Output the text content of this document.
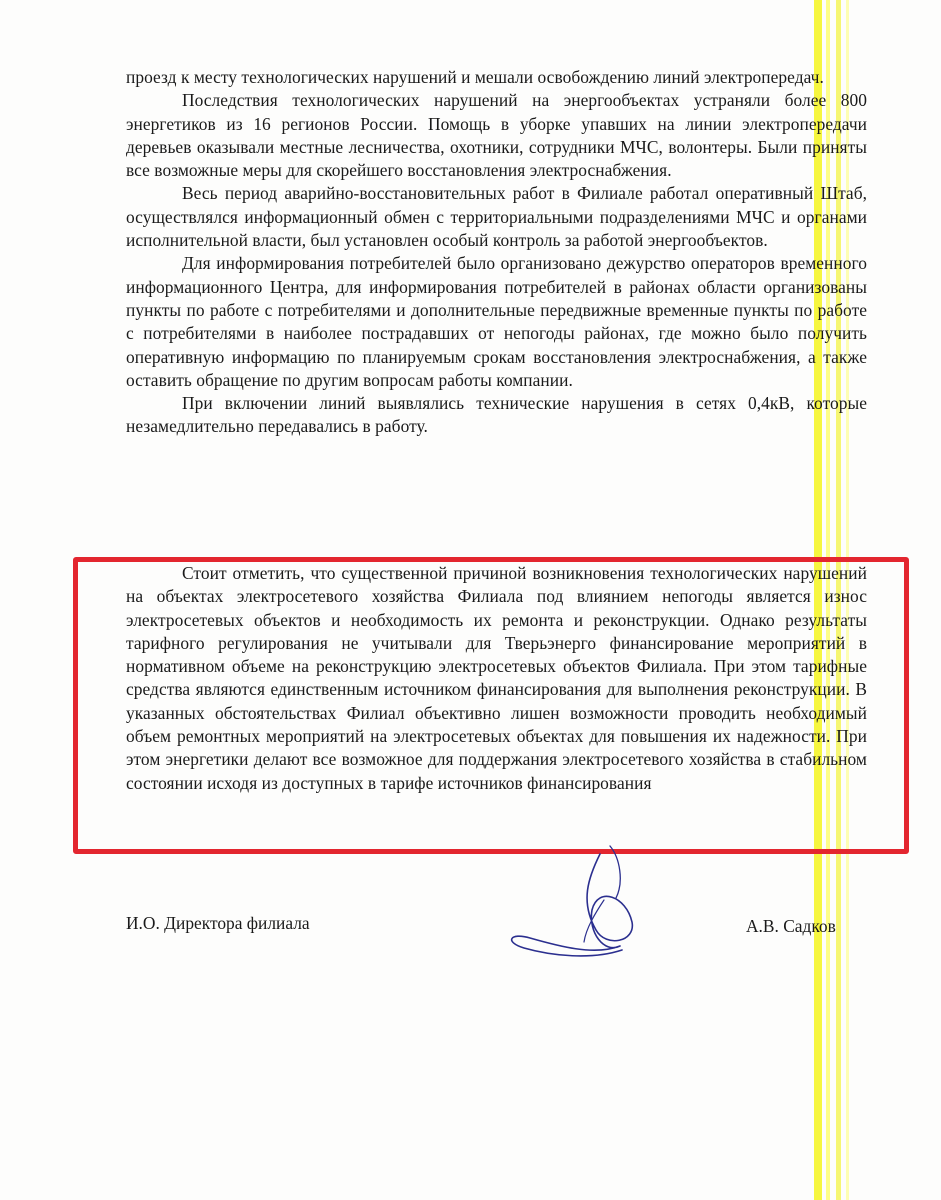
проезд к месту технологических нарушений и мешали освобождению линий электропередач.

Последствия технологических нарушений на энергообъектах устраняли более 800 энергетиков из 16 регионов России. Помощь в уборке упавших на линии электропередачи деревьев оказывали местные лесничества, охотники, сотрудники МЧС, волонтеры. Были приняты все возможные меры для скорейшего восстановления электроснабжения.

Весь период аварийно-восстановительных работ в Филиале работал оперативный Штаб, осуществлялся информационный обмен с территориальными подразделениями МЧС и органами исполнительной власти, был установлен особый контроль за работой энергообъектов.

Для информирования потребителей было организовано дежурство операторов временного информационного Центра, для информирования потребителей в районах области организованы пункты по работе с потребителями и дополнительные передвижные временные пункты по работе с потребителями в наиболее пострадавших от непогоды районах, где можно было получить оперативную информацию по планируемым срокам восстановления электроснабжения, а также оставить обращение по другим вопросам работы компании.

При включении линий выявлялись технические нарушения в сетях 0,4кВ, которые незамедлительно передавались в работу.

Стоит отметить, что существенной причиной возникновения технологических нарушений на объектах электросетевого хозяйства Филиала под влиянием непогоды является износ электросетевых объектов и необходимость их ремонта и реконструкции. Однако результаты тарифного регулирования не учитывали для Тверьэнерго финансирование мероприятий в нормативном объеме на реконструкцию электросетевых объектов Филиала. При этом тарифные средства являются единственным источником финансирования для выполнения реконструкции. В указанных обстоятельствах Филиал объективно лишен возможности проводить необходимый объем ремонтных мероприятий на электросетевых объектах для повышения их надежности. При этом энергетики делают все возможное для поддержания электросетевого хозяйства в стабильном состоянии исходя из доступных в тарифе источников финансирования

И.О. Директора филиала	А.В. Садков
